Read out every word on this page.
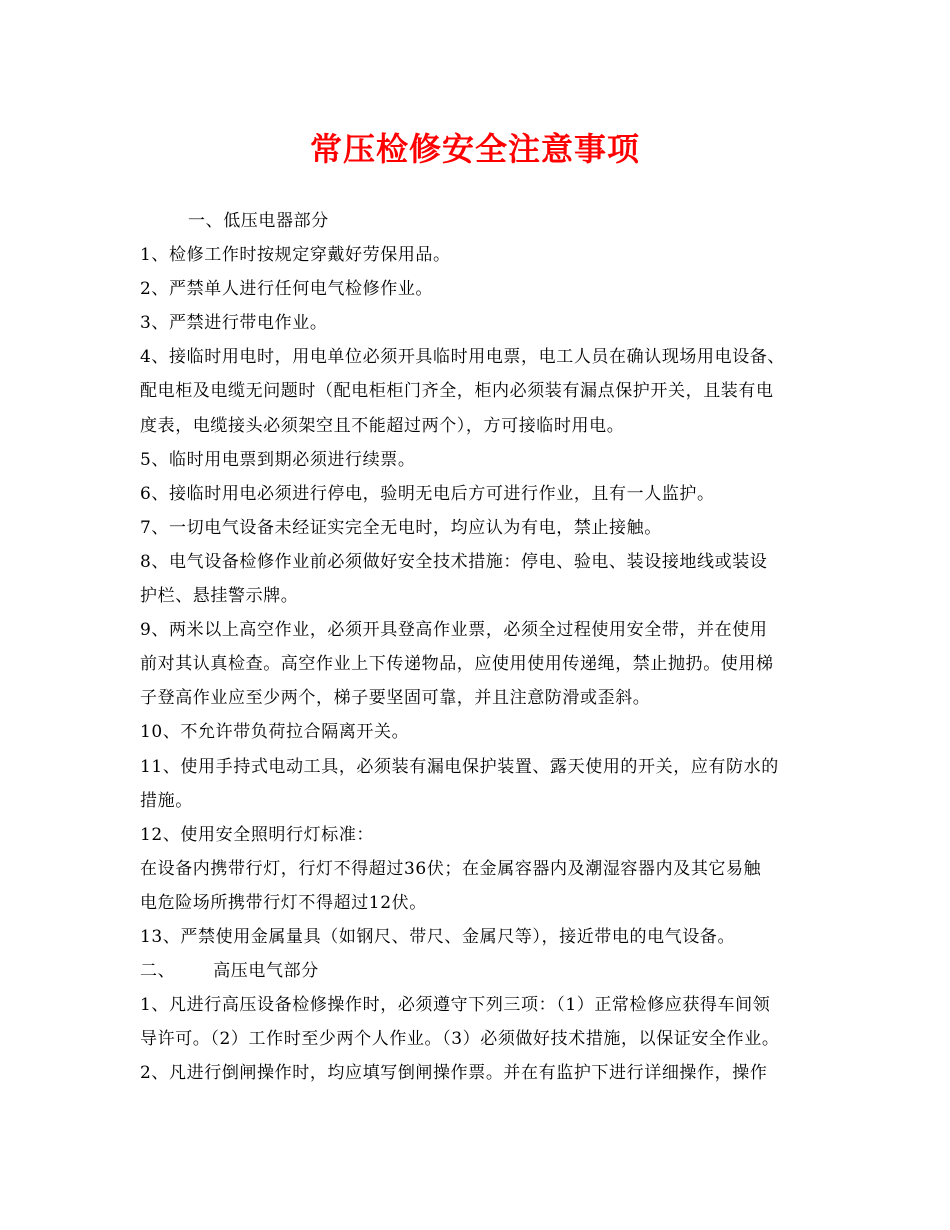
常压检修安全注意事项
一、低压电器部分
1、检修工作时按规定穿戴好劳保用品。
2、严禁单人进行任何电气检修作业。
3、严禁进行带电作业。
4、接临时用电时，用电单位必须开具临时用电票，电工人员在确认现场用电设备、
配电柜及电缆无问题时（配电柜柜门齐全，柜内必须装有漏点保护开关，且装有电
度表，电缆接头必须架空且不能超过两个），方可接临时用电。
5、临时用电票到期必须进行续票。
6、接临时用电必须进行停电，验明无电后方可进行作业，且有一人监护。
7、一切电气设备未经证实完全无电时，均应认为有电，禁止接触。
8、电气设备检修作业前必须做好安全技术措施：停电、验电、装设接地线或装设
护栏、悬挂警示牌。
9、两米以上高空作业，必须开具登高作业票，必须全过程使用安全带，并在使用
前对其认真检查。高空作业上下传递物品，应使用使用传递绳，禁止抛扔。使用梯
子登高作业应至少两个，梯子要坚固可靠，并且注意防滑或歪斜。
10、不允许带负荷拉合隔离开关。
11、使用手持式电动工具，必须装有漏电保护装置、露天使用的开关，应有防水的
措施。
12、使用安全照明行灯标准：
在设备内携带行灯，行灯不得超过36伏；在金属容器内及潮湿容器内及其它易触
电危险场所携带行灯不得超过12伏。
13、严禁使用金属量具（如钢尺、带尺、金属尺等），接近带电的电气设备。
二、 高压电气部分
1、凡进行高压设备检修操作时，必须遵守下列三项：（1）正常检修应获得车间领
导许可。（2）工作时至少两个人作业。（3）必须做好技术措施，以保证安全作业。
2、凡进行倒闸操作时，均应填写倒闸操作票。并在有监护下进行详细操作，操作
